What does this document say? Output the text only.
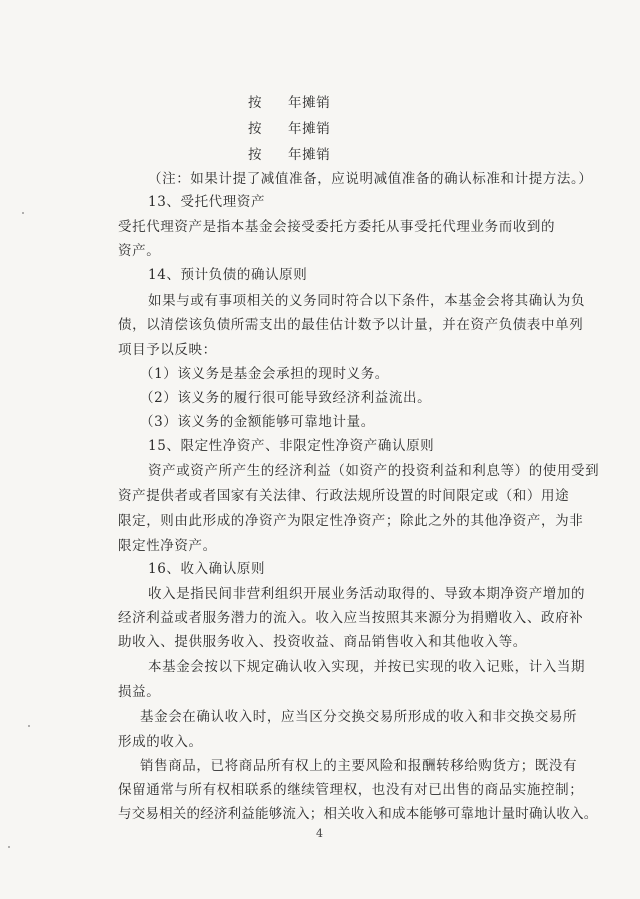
按 年摊销
按 年摊销
按 年摊销
（注：如果计提了减值准备，应说明减值准备的确认标准和计提方法。）
13、受托代理资产
受托代理资产是指本基金会接受委托方委托从事受托代理业务而收到的
资产。
14、预计负债的确认原则
如果与或有事项相关的义务同时符合以下条件，本基金会将其确认为负
债，以清偿该负债所需支出的最佳估计数予以计量，并在资产负债表中单列
项目予以反映：
（1）该义务是基金会承担的现时义务。
（2）该义务的履行很可能导致经济利益流出。
（3）该义务的金额能够可靠地计量。
15、限定性净资产、非限定性净资产确认原则
资产或资产所产生的经济利益（如资产的投资利益和利息等）的使用受到
资产提供者或者国家有关法律、行政法规所设置的时间限定或（和）用途
限定，则由此形成的净资产为限定性净资产；除此之外的其他净资产，为非
限定性净资产。
16、收入确认原则
收入是指民间非营利组织开展业务活动取得的、导致本期净资产增加的
经济利益或者服务潜力的流入。收入应当按照其来源分为捐赠收入、政府补
助收入、提供服务收入、投资收益、商品销售收入和其他收入等。
本基金会按以下规定确认收入实现，并按已实现的收入记账，计入当期
损益。
基金会在确认收入时，应当区分交换交易所形成的收入和非交换交易所
形成的收入。
销售商品，已将商品所有权上的主要风险和报酬转移给购货方；既没有
保留通常与所有权相联系的继续管理权，也没有对已出售的商品实施控制；
与交易相关的经济利益能够流入；相关收入和成本能够可靠地计量时确认收入。
4
